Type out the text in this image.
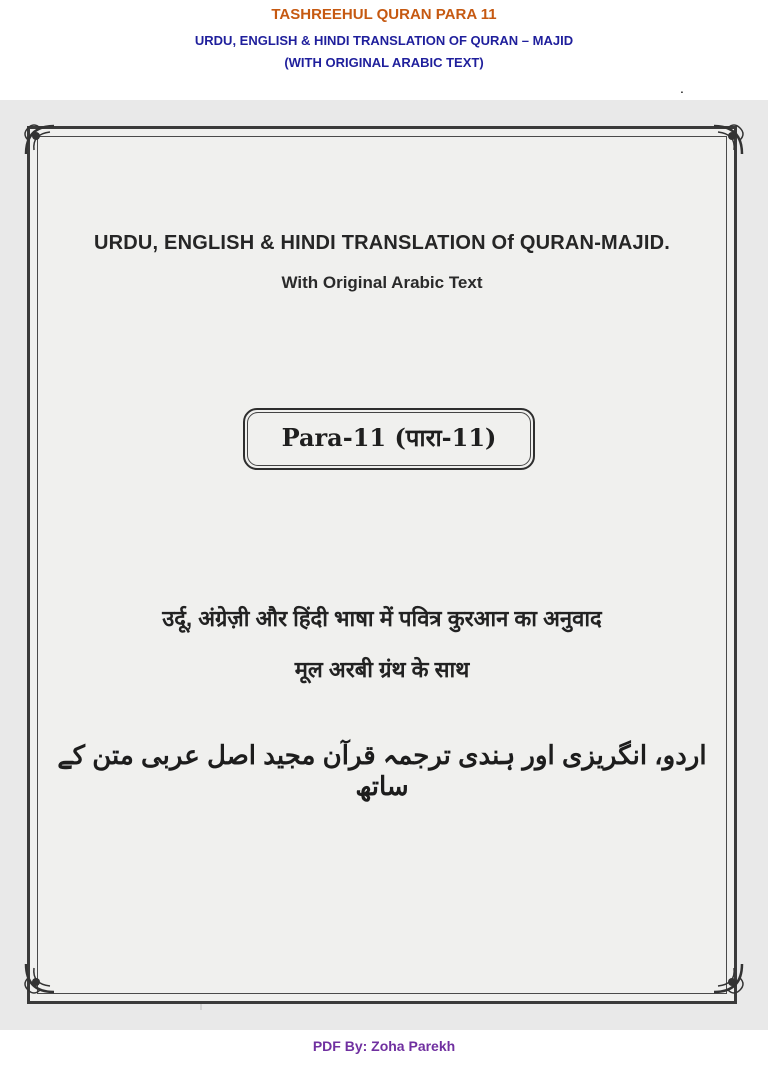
TASHREEHUL QURAN PARA 11
URDU, ENGLISH & HINDI TRANSLATION OF QURAN – MAJID
(WITH ORIGINAL ARABIC TEXT)
.
URDU, ENGLISH & HINDI TRANSLATION Of QURAN-MAJID.
With Original Arabic Text
Para-11 (पारा-11)
उर्दू, अंग्रेज़ी और हिंदी भाषा में पवित्र कुरआन का अनुवाद
मूल अरबी ग्रंथ के साथ
اردو، انگریزی اور ہندی ترجمہ قرآن مجید اصل عربی متن کے ساتھ
PDF By: Zoha Parekh
